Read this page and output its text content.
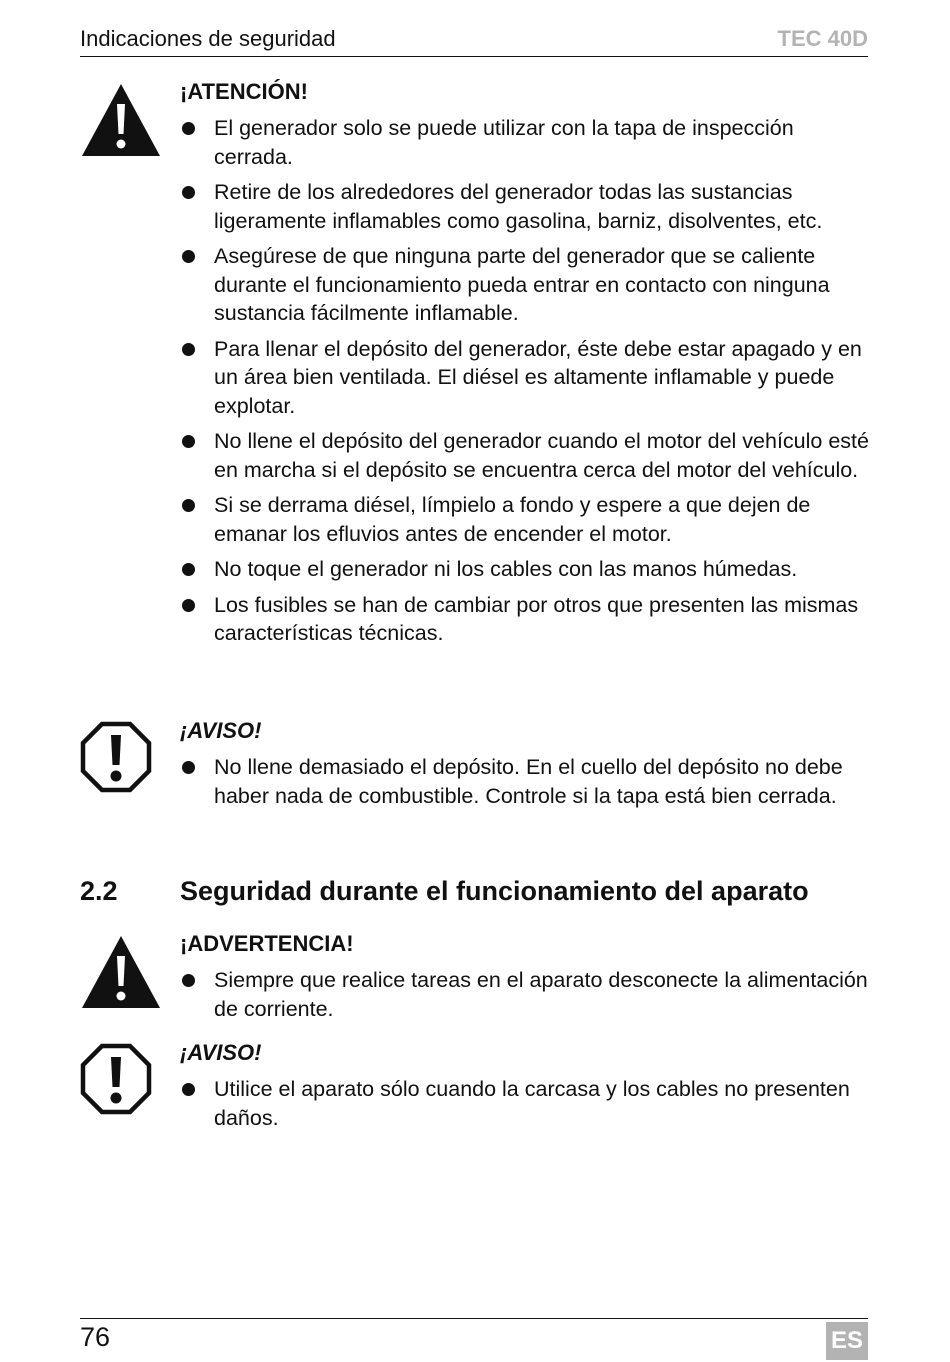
Indicaciones de seguridad	TEC 40D
¡ATENCIÓN!
El generador solo se puede utilizar con la tapa de inspección cerrada.
Retire de los alrededores del generador todas las sustancias ligeramente inflamables como gasolina, barniz, disolventes, etc.
Asegúrese de que ninguna parte del generador que se caliente durante el funcionamiento pueda entrar en contacto con ninguna sustancia fácilmente inflamable.
Para llenar el depósito del generador, éste debe estar apagado y en un área bien ventilada. El diésel es altamente inflamable y puede explotar.
No llene el depósito del generador cuando el motor del vehículo esté en marcha si el depósito se encuentra cerca del motor del vehículo.
Si se derrama diésel, límpielo a fondo y espere a que dejen de emanar los efluvios antes de encender el motor.
No toque el generador ni los cables con las manos húmedas.
Los fusibles se han de cambiar por otros que presenten las mismas características técnicas.
¡AVISO!
No llene demasiado el depósito. En el cuello del depósito no debe haber nada de combustible. Controle si la tapa está bien cerrada.
2.2 Seguridad durante el funcionamiento del aparato
¡ADVERTENCIA!
Siempre que realice tareas en el aparato desconecte la alimentación de corriente.
¡AVISO!
Utilice el aparato sólo cuando la carcasa y los cables no presenten daños.
76	ES
